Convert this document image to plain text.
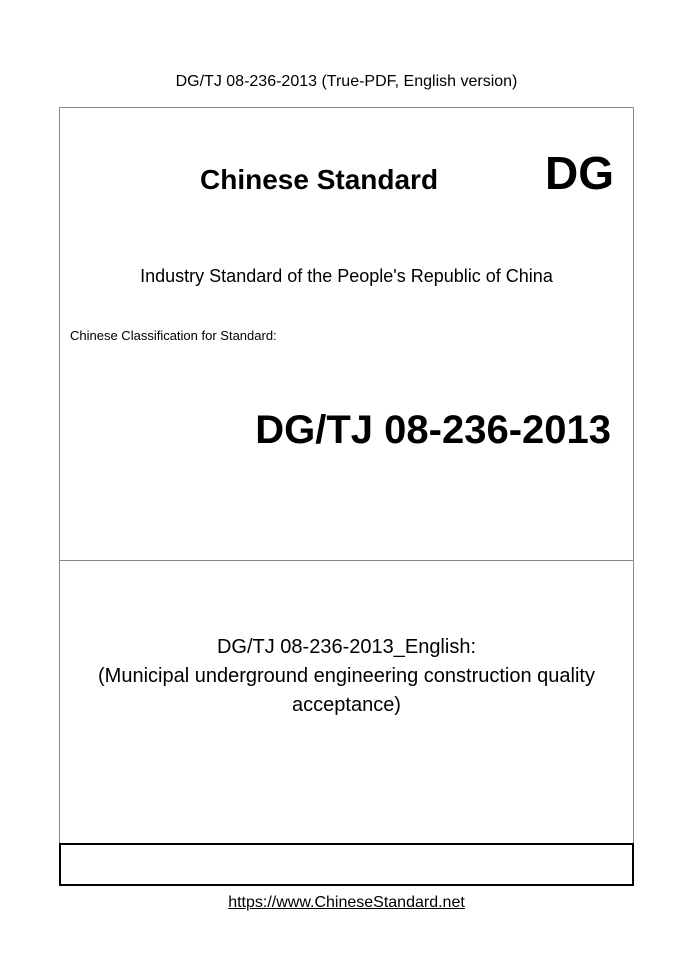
DG/TJ 08-236-2013 (True-PDF, English version)
Chinese Standard DG
Industry Standard of the People's Republic of China
Chinese Classification for Standard:
DG/TJ 08-236-2013
DG/TJ 08-236-2013_English:
(Municipal underground engineering construction quality
acceptance)
https://www.ChineseStandard.net
